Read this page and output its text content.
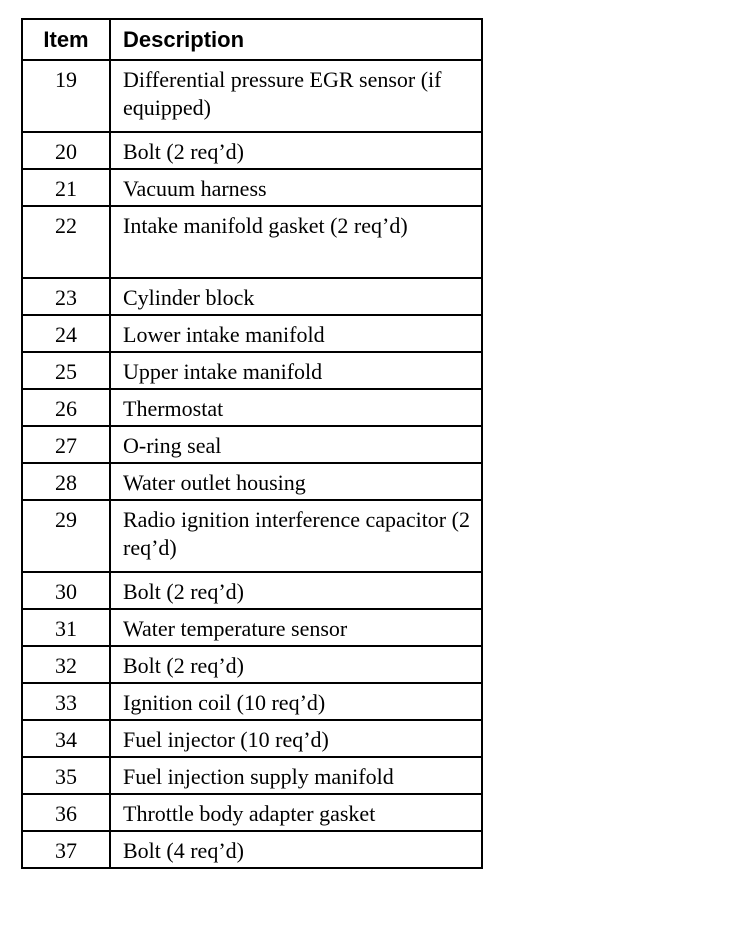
Item	Description
19	Differential pressure EGR sensor (if equipped)
20	Bolt (2 req’d)
21	Vacuum harness
22	Intake manifold gasket (2 req’d)
23	Cylinder block
24	Lower intake manifold
25	Upper intake manifold
26	Thermostat
27	O-ring seal
28	Water outlet housing
29	Radio ignition interference capacitor (2 req’d)
30	Bolt (2 req’d)
31	Water temperature sensor
32	Bolt (2 req’d)
33	Ignition coil (10 req’d)
34	Fuel injector (10 req’d)
35	Fuel injection supply manifold
36	Throttle body adapter gasket
37	Bolt (4 req’d)
